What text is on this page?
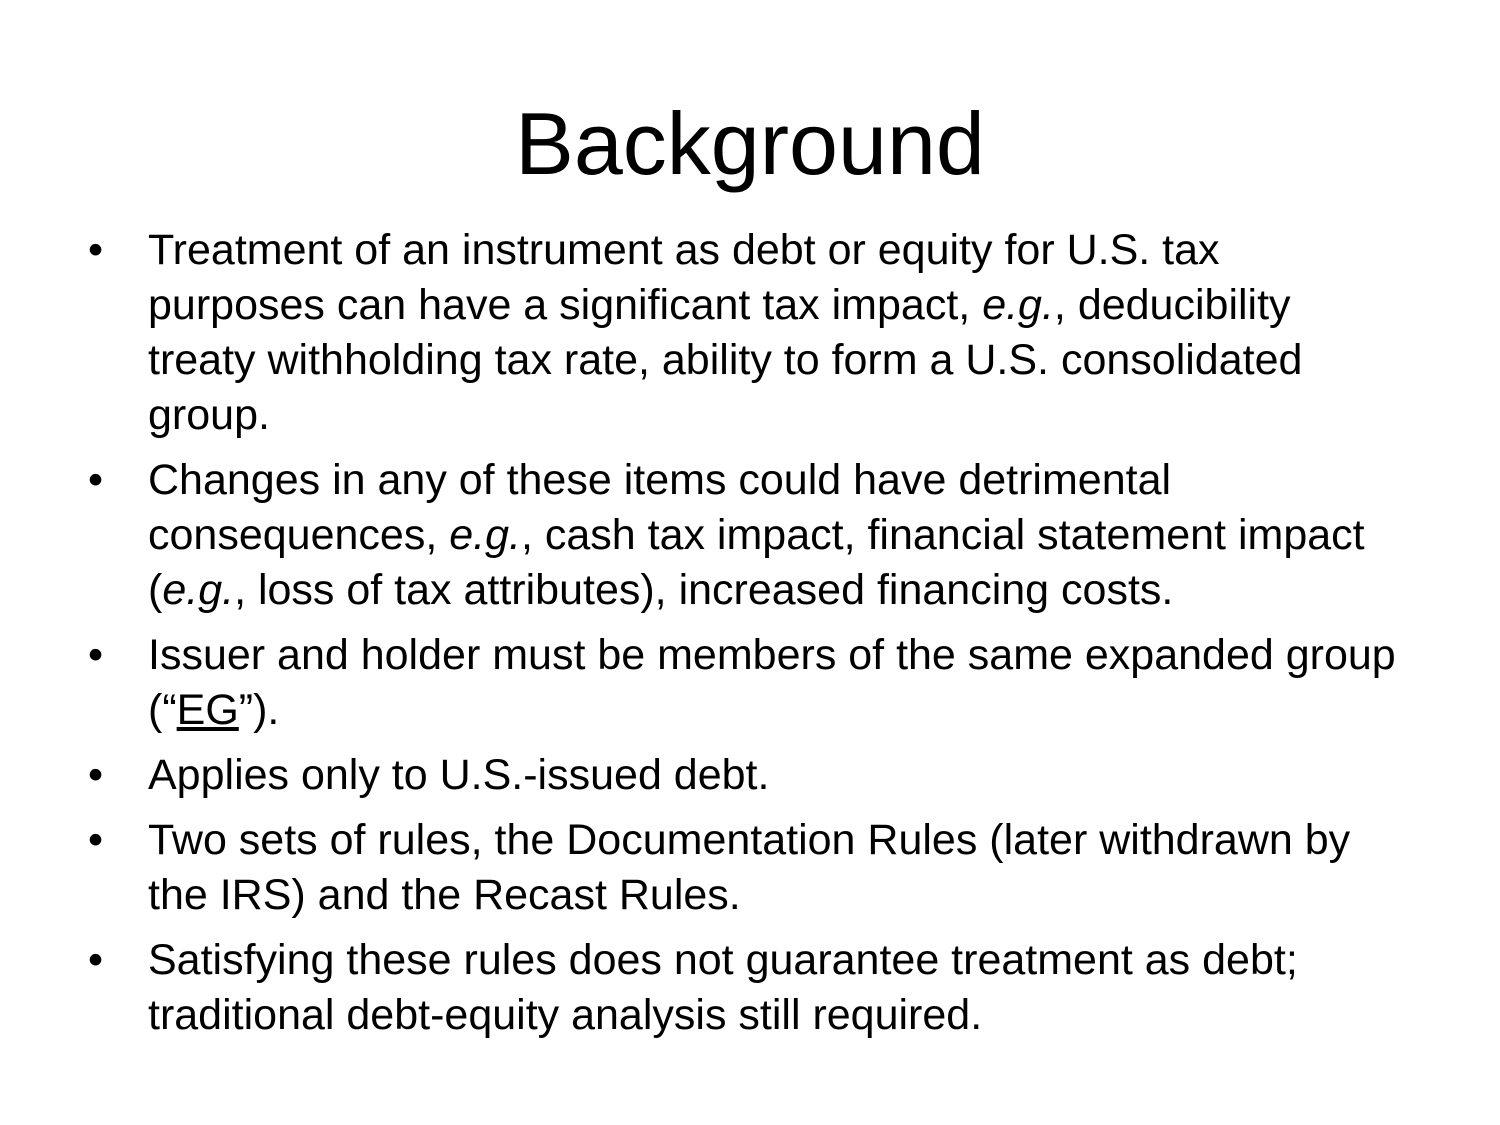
Background
• Treatment of an instrument as debt or equity for U.S. tax purposes can have a significant tax impact, e.g., deducibility treaty withholding tax rate, ability to form a U.S. consolidated group.
• Changes in any of these items could have detrimental consequences, e.g., cash tax impact, financial statement impact (e.g., loss of tax attributes), increased financing costs.
• Issuer and holder must be members of the same expanded group (“EG”).
• Applies only to U.S.-issued debt.
• Two sets of rules, the Documentation Rules (later withdrawn by the IRS) and the Recast Rules.
• Satisfying these rules does not guarantee treatment as debt; traditional debt-equity analysis still required.
